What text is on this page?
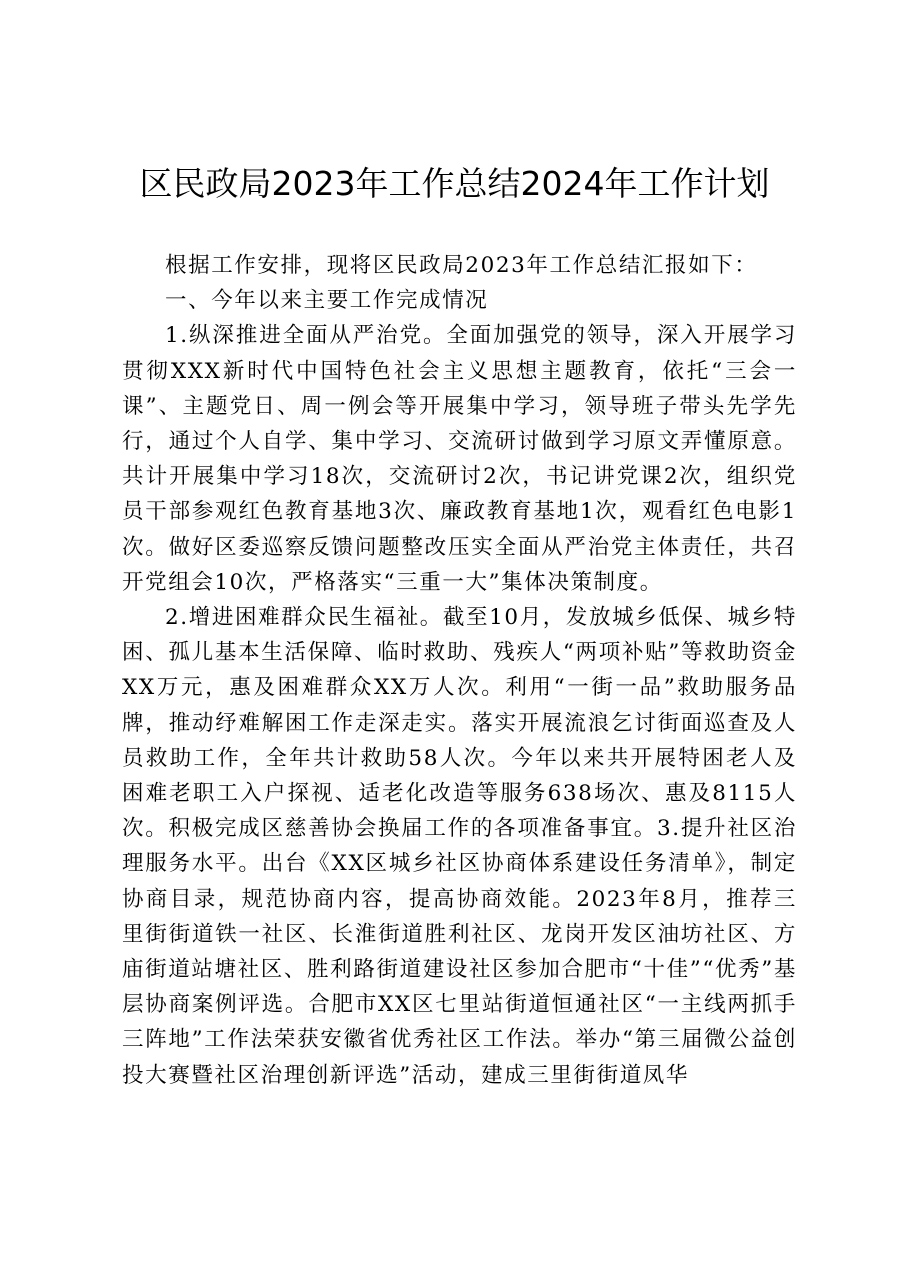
区民政局2023年工作总结2024年工作计划

根据工作安排，现将区民政局2023年工作总结汇报如下：

一、今年以来主要工作完成情况

1.纵深推进全面从严治党。全面加强党的领导，深入开展学习贯彻XXX新时代中国特色社会主义思想主题教育，依托“三会一课”、主题党日、周一例会等开展集中学习，领导班子带头先学先行，通过个人自学、集中学习、交流研讨做到学习原文弄懂原意。共计开展集中学习18次，交流研讨2次，书记讲党课2次，组织党员干部参观红色教育基地3次、廉政教育基地1次，观看红色电影1次。做好区委巡察反馈问题整改压实全面从严治党主体责任，共召开党组会10次，严格落实“三重一大”集体决策制度。

2.增进困难群众民生福祉。截至10月，发放城乡低保、城乡特困、孤儿基本生活保障、临时救助、残疾人“两项补贴”等救助资金XX万元，惠及困难群众XX万人次。利用“一街一品”救助服务品牌，推动纾难解困工作走深走实。落实开展流浪乞讨街面巡查及人员救助工作，全年共计救助58人次。今年以来共开展特困老人及困难老职工入户探视、适老化改造等服务638场次、惠及8115人次。积极完成区慈善协会换届工作的各项准备事宜。3.提升社区治理服务水平。出台《XX区城乡社区协商体系建设任务清单》，制定协商目录，规范协商内容，提高协商效能。2023年8月，推荐三里街街道铁一社区、长淮街道胜利社区、龙岗开发区油坊社区、方庙街道站塘社区、胜利路街道建设社区参加合肥市“十佳”“优秀”基层协商案例评选。合肥市XX区七里站街道恒通社区“一主线两抓手三阵地”工作法荣获安徽省优秀社区工作法。举办“第三届微公益创投大赛暨社区治理创新评选”活动，建成三里街街道凤华
